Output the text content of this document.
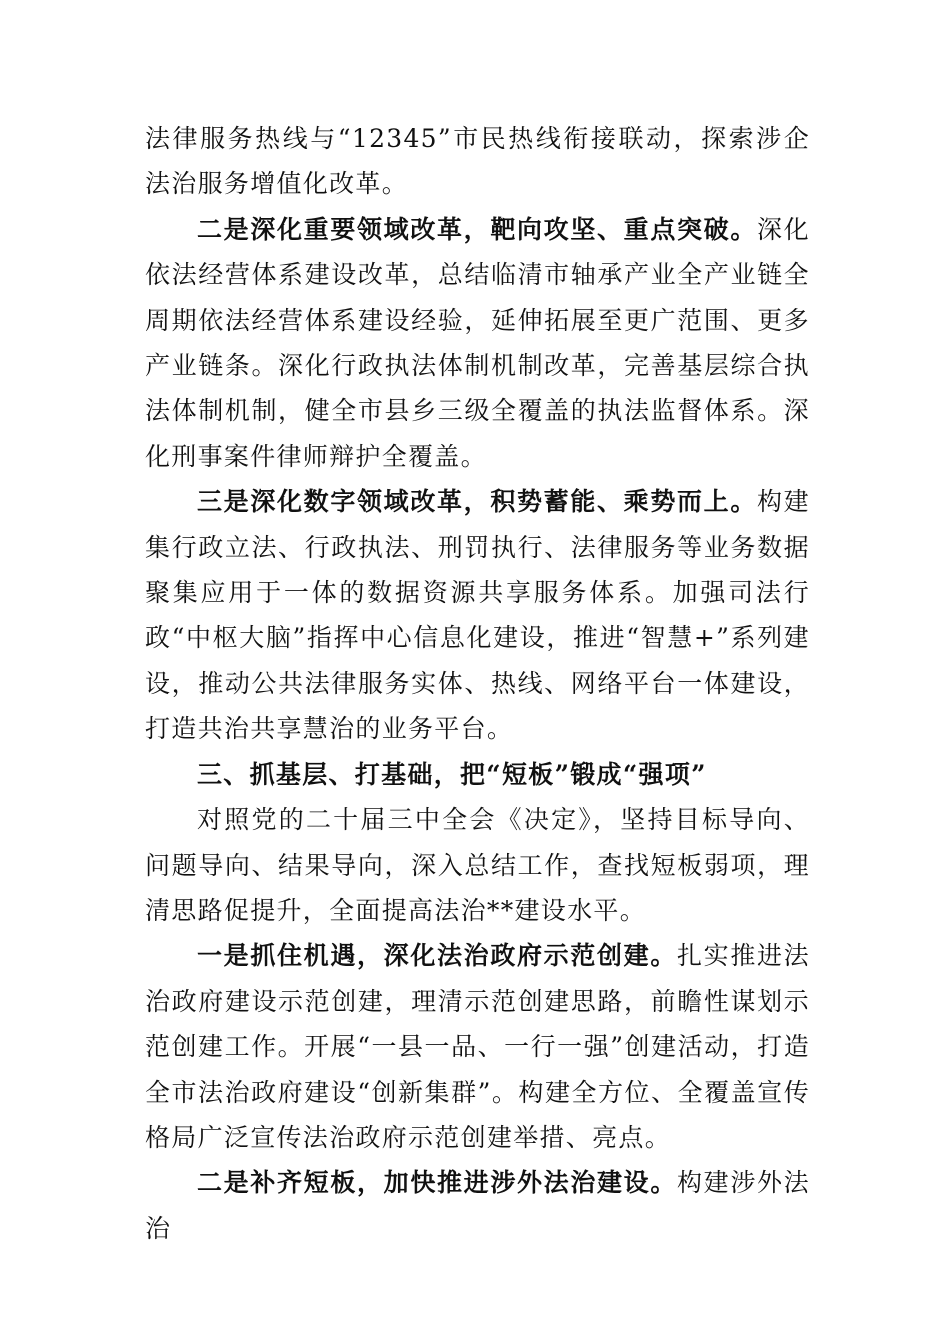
法律服务热线与“12345”市民热线衔接联动，探索涉企法治服务增值化改革。

二是深化重要领域改革，靶向攻坚、重点突破。深化依法经营体系建设改革，总结临清市轴承产业全产业链全周期依法经营体系建设经验，延伸拓展至更广范围、更多产业链条。深化行政执法体制机制改革，完善基层综合执法体制机制，健全市县乡三级全覆盖的执法监督体系。深化刑事案件律师辩护全覆盖。

三是深化数字领域改革，积势蓄能、乘势而上。构建集行政立法、行政执法、刑罚执行、法律服务等业务数据聚集应用于一体的数据资源共享服务体系。加强司法行政“中枢大脑”指挥中心信息化建设，推进“智慧+”系列建设，推动公共法律服务实体、热线、网络平台一体建设，打造共治共享慧治的业务平台。

三、抓基层、打基础，把“短板”锻成“强项”

对照党的二十届三中全会《决定》，坚持目标导向、问题导向、结果导向，深入总结工作，查找短板弱项，理清思路促提升，全面提高法治**建设水平。

一是抓住机遇，深化法治政府示范创建。扎实推进法治政府建设示范创建，理清示范创建思路，前瞻性谋划示范创建工作。开展“一县一品、一行一强”创建活动，打造全市法治政府建设“创新集群”。构建全方位、全覆盖宣传格局广泛宣传法治政府示范创建举措、亮点。

二是补齐短板，加快推进涉外法治建设。构建涉外法治
